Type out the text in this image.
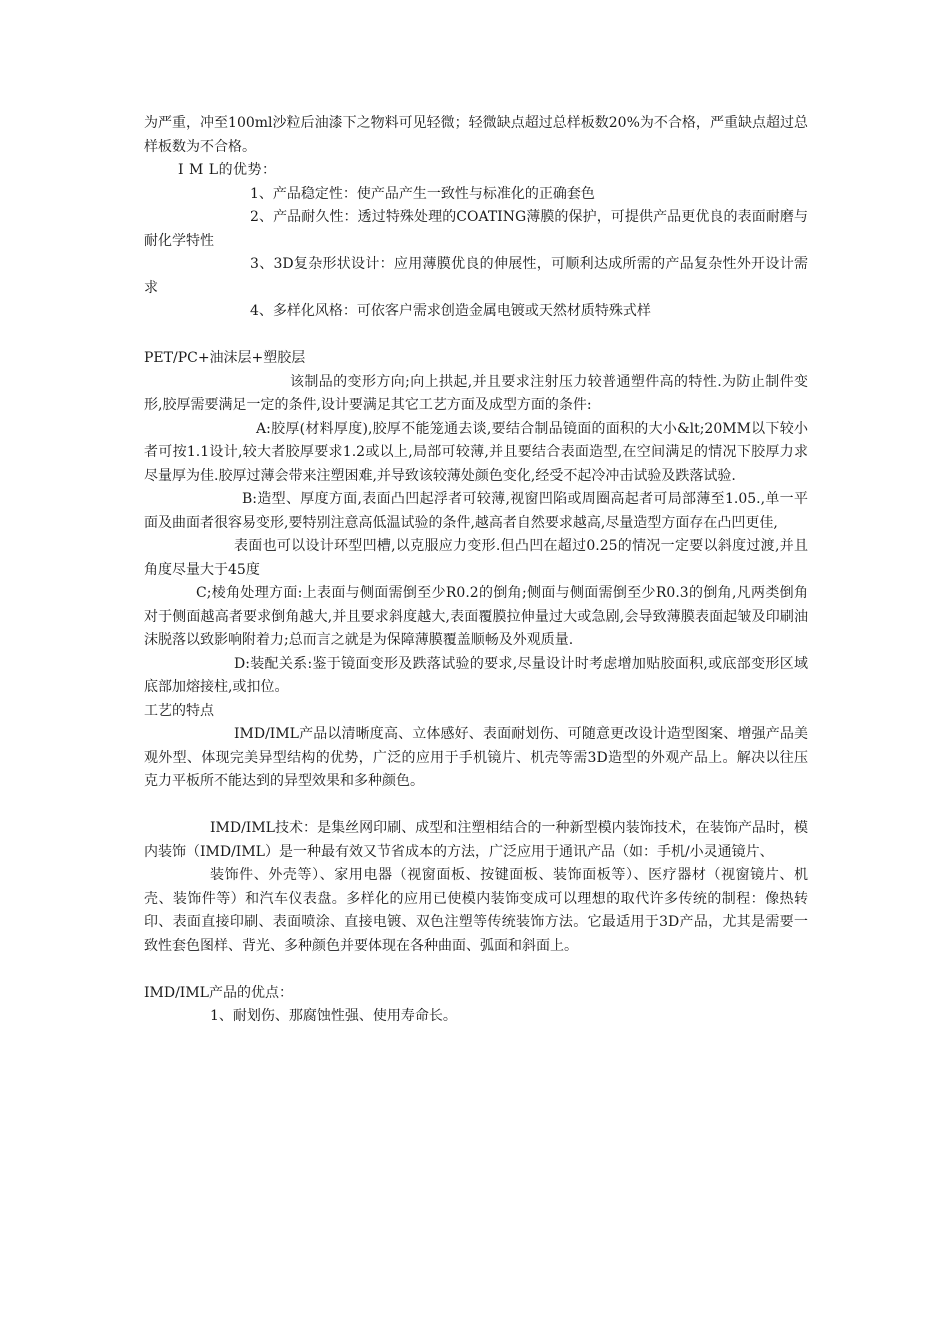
为严重，冲至100ml沙粒后油漆下之物料可见轻微；轻微缺点超过总样板数20%为不合格，严重缺点超过总样板数为不合格。

I M L的优势：

1、产品稳定性：使产品产生一致性与标准化的正确套色

2、产品耐久性：透过特殊处理的COATING薄膜的保护，可提供产品更优良的表面耐磨与耐化学特性

3、3D复杂形状设计：应用薄膜优良的伸展性，可顺利达成所需的产品复杂性外开设计需求

4、多样化风格：可依客户需求创造金属电镀或天然材质特殊式样

PET/PC+油沫层+塑胶层

该制品的变形方向;向上拱起,并且要求注射压力较普通塑件高的特性.为防止制件变形,胶厚需要满足一定的条件,设计要满足其它工艺方面及成型方面的条件:

A:胶厚(材料厚度),胶厚不能笼通去谈,要结合制品镜面的面积的大小&lt;20MM以下较小者可按1.1设计,较大者胶厚要求1.2或以上,局部可较薄,并且要结合表面造型,在空间满足的情况下胶厚力求尽量厚为佳.胶厚过薄会带来注塑困难,并导致该较薄处颜色变化,经受不起冷冲击试验及跌落试验.

B:造型、厚度方面,表面凸凹起浮者可较薄,视窗凹陷或周圈高起者可局部薄至1.05.,单一平面及曲面者很容易变形,要特别注意高低温试验的条件,越高者自然要求越高,尽量造型方面存在凸凹更佳,

表面也可以设计环型凹槽,以克服应力变形.但凸凹在超过0.25的情况一定要以斜度过渡,并且角度尽量大于45度

C;棱角处理方面:上表面与侧面需倒至少R0.2的倒角;侧面与侧面需倒至少R0.3的倒角,凡两类倒角对于侧面越高者要求倒角越大,并且要求斜度越大,表面覆膜拉伸量过大或急剧,会导致薄膜表面起皱及印刷油沫脱落以致影响附着力;总而言之就是为保障薄膜覆盖顺畅及外观质量.

D:装配关系:鉴于镜面变形及跌落试验的要求,尽量设计时考虑增加贴胶面积,或底部变形区域底部加熔接柱,或扣位。

工艺的特点

IMD/IML产品以清晰度高、立体感好、表面耐划伤、可随意更改设计造型图案、增强产品美观外型、体现完美异型结构的优势，广泛的应用于手机镜片、机壳等需3D造型的外观产品上。解决以往压克力平板所不能达到的异型效果和多种颜色。

IMD/IML技术：是集丝网印刷、成型和注塑相结合的一种新型模内装饰技术，在装饰产品时，模内装饰（IMD/IML）是一种最有效又节省成本的方法，广泛应用于通讯产品（如：手机/小灵通镜片、

装饰件、外壳等）、家用电器（视窗面板、按键面板、装饰面板等）、医疗器材（视窗镜片、机壳、装饰件等）和汽车仪表盘。多样化的应用已使模内装饰变成可以理想的取代许多传统的制程：像热转印、表面直接印刷、表面喷涂、直接电镀、双色注塑等传统装饰方法。它最适用于3D产品，尤其是需要一致性套色图样、背光、多种颜色并要体现在各种曲面、弧面和斜面上。

IMD/IML产品的优点：

1、耐划伤、那腐蚀性强、使用寿命长。
